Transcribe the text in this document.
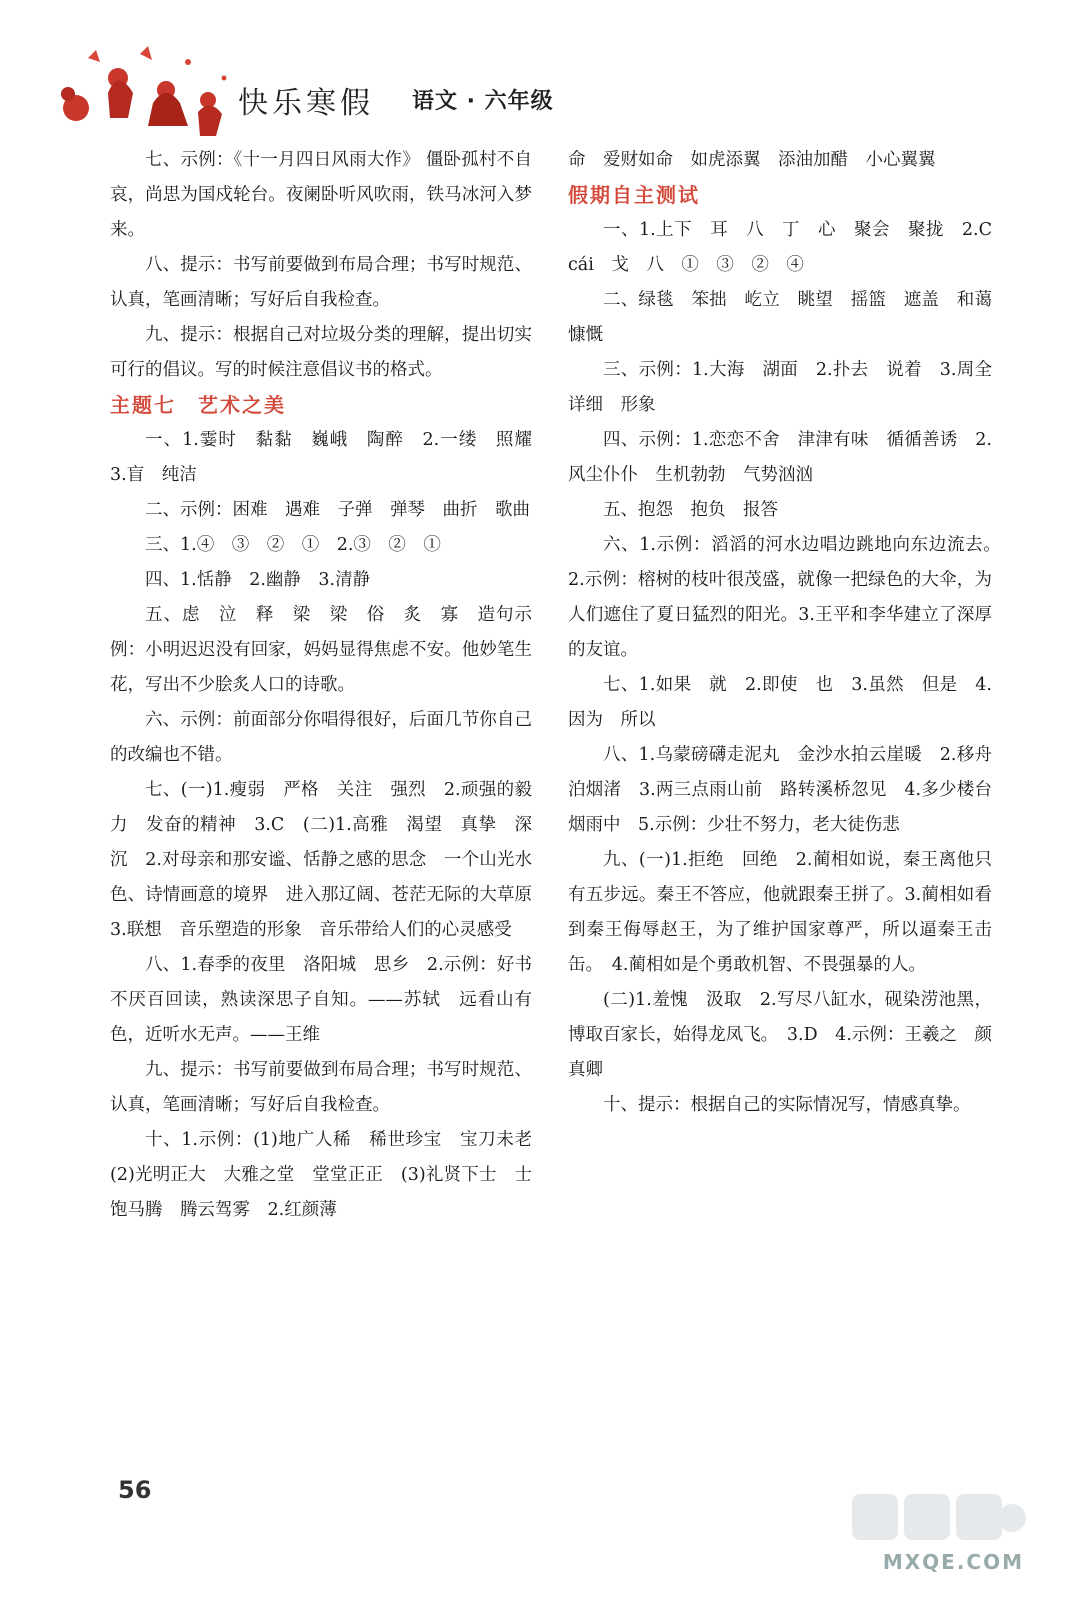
快乐寒假 语文 · 六年级

七、示例：《十一月四日风雨大作》 僵卧孤村不自哀，尚思为国戍轮台。夜阑卧听风吹雨，铁马冰河入梦来。

八、提示：书写前要做到布局合理；书写时规范、认真，笔画清晰；写好后自我检查。

九、提示：根据自己对垃圾分类的理解，提出切实可行的倡议。写的时候注意倡议书的格式。

主题七　艺术之美

一、1.霎时　黏黏　巍峨　陶醉　2.一缕　照耀　3.盲　纯洁

二、示例：困难　遇难　子弹　弹琴　曲折　歌曲

三、1.④　③　②　①　2.③　②　①

四、1.恬静　2.幽静　3.清静

五、虑　泣　释　梁　梁　俗　炙　寡　造句示例：小明迟迟没有回家，妈妈显得焦虑不安。他妙笔生花，写出不少脍炙人口的诗歌。

六、示例：前面部分你唱得很好，后面几节你自己的改编也不错。

七、(一)1.瘦弱　严格　关注　强烈　2.顽强的毅力　发奋的精神　3.C　(二)1.高雅　渴望　真挚　深沉　2.对母亲和那安谧、恬静之感的思念　一个山光水色、诗情画意的境界　进入那辽阔、苍茫无际的大草原　3.联想　音乐塑造的形象　音乐带给人们的心灵感受

八、1.春季的夜里　洛阳城　思乡　2.示例：好书不厌百回读，熟读深思子自知。——苏轼　远看山有色，近听水无声。——王维

九、提示：书写前要做到布局合理；书写时规范、认真，笔画清晰；写好后自我检查。

十、1.示例：(1)地广人稀　稀世珍宝　宝刀未老　(2)光明正大　大雅之堂　堂堂正正　(3)礼贤下士　士饱马腾　腾云驾雾　2.红颜薄

命　爱财如命　如虎添翼　添油加醋　小心翼翼

假期自主测试

一、1.上下　耳　八　丁　心　聚会　聚拢　2.C　cái　戈　八　①　③　②　④

二、绿毯　笨拙　屹立　眺望　摇篮　遮盖　和蔼　慷慨

三、示例：1.大海　湖面　2.扑去　说着　3.周全　详细　形象

四、示例：1.恋恋不舍　津津有味　循循善诱　2.风尘仆仆　生机勃勃　气势汹汹

五、抱怨　抱负　报答

六、1.示例：滔滔的河水边唱边跳地向东边流去。　2.示例：榕树的枝叶很茂盛，就像一把绿色的大伞，为人们遮住了夏日猛烈的阳光。3.王平和李华建立了深厚的友谊。

七、1.如果　就　2.即使　也　3.虽然　但是　4.因为　所以

八、1.乌蒙磅礴走泥丸　金沙水拍云崖暖　2.移舟泊烟渚　3.两三点雨山前　路转溪桥忽见　4.多少楼台烟雨中　5.示例：少壮不努力，老大徒伤悲

九、(一)1.拒绝　回绝　2.蔺相如说，秦王离他只有五步远。秦王不答应，他就跟秦王拼了。3.蔺相如看到秦王侮辱赵王，为了维护国家尊严，所以逼秦王击缶。　4.蔺相如是个勇敢机智、不畏强暴的人。

(二)1.羞愧　汲取　2.写尽八缸水，砚染涝池黑，博取百家长，始得龙凤飞。　3.D　4.示例：王羲之　颜真卿

十、提示：根据自己的实际情况写，情感真挚。

56
MXQE.COM
